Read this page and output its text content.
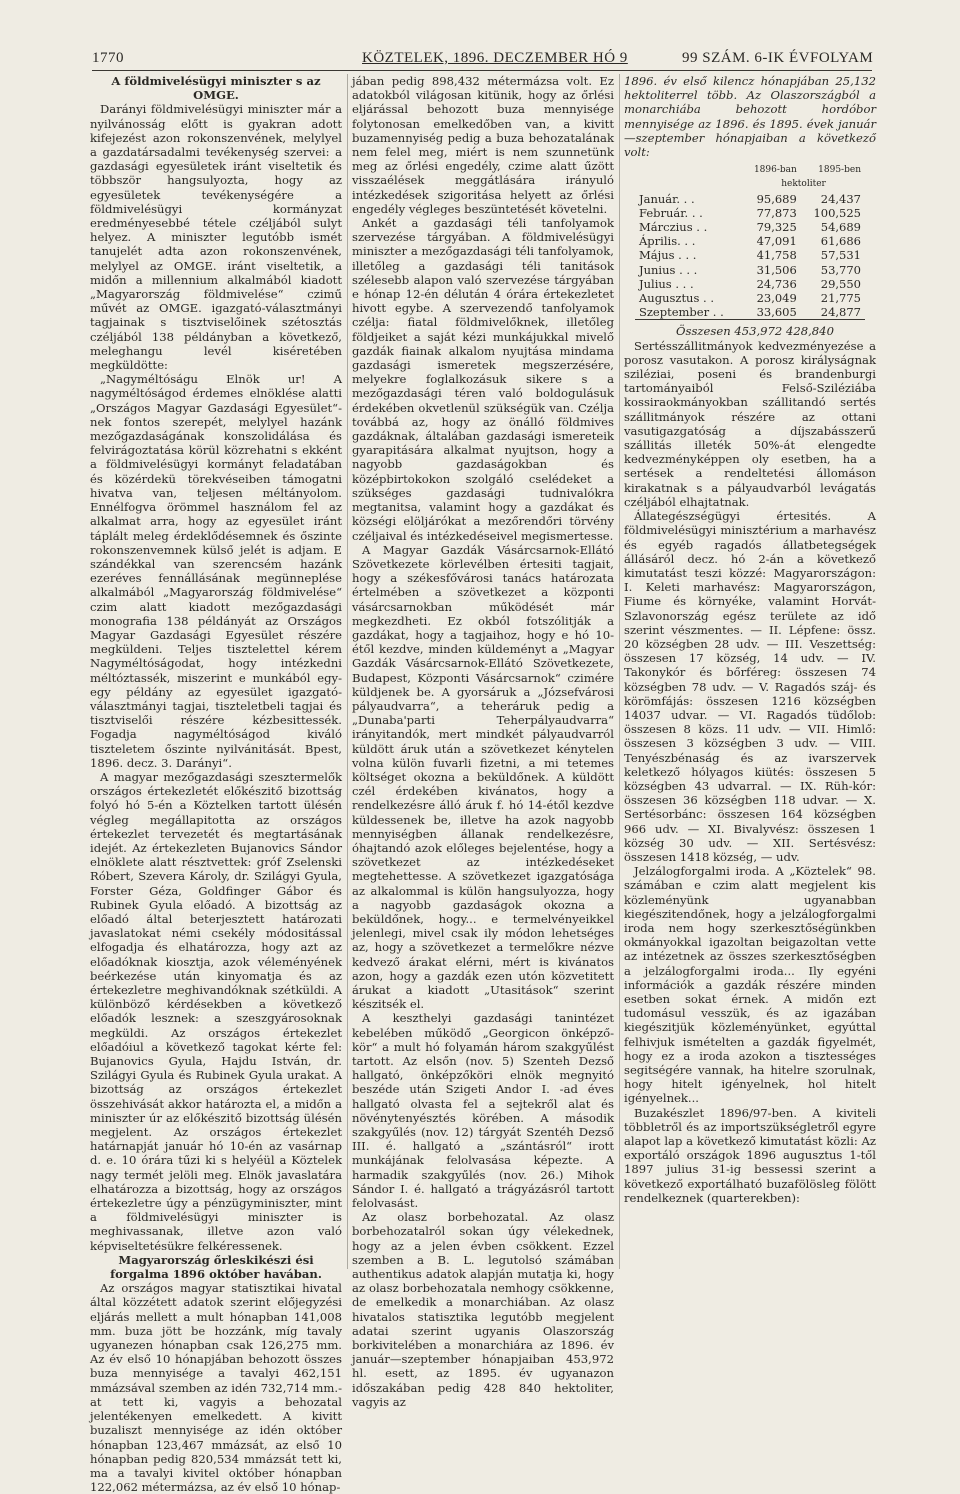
1770	KÖZTELEK, 1896. DECZEMBER HÓ 9	99 SZÁM. 6-IK ÉVFOLYAM

A földmivelésügyi miniszter s az OMGE.

Darányi földmivelésügyi miniszter már a nyilvánosság előtt is gyakran adott kifejezést azon rokonszenvének, melylyel a gazdatársadalmi tevékenység szervei: a gazdasági egyesületek iránt viseltetik és többször hangsulyozta, hogy az egyesületek tevékenységére a földmivelésügyi kormányzat eredményesebbé tétele czéljából sulyt helyez. A miniszter legutóbb ismét tanujelét adta azon rokonszenvének, melylyel az OMGE. iránt viseltetik, a midőn a millennium alkalmából kiadott „Magyarország földmivelése“ czimű művét az OMGE. igazgató-választmányi tagjainak s tisztviselőinek szétosztás czéljából 138 példányban a következő, meleghangu levél kiséretében megküldötte:

„Nagyméltóságu Elnök ur! A nagyméltóságod érdemes elnöklése alatti „Országos Magyar Gazdasági Egyesület“-nek fontos szerepét, melylyel hazánk mezőgazdaságának konszolidálása és felvirágoztatása körül közrehatni s ekként a földmivelésügyi kormányt feladatában és közérdekü törekvéseiben támogatni hivatva van, teljesen méltányolom. Ennélfogva örömmel használom fel az alkalmat arra, hogy az egyesület iránt táplált meleg érdeklődésemnek és őszinte rokonszenvemnek külső jelét is adjam. E szándékkal van szerencsém hazánk ezeréves fennállásának megünneplése alkalmából „Magyarország földmivelése“ czim alatt kiadott mezőgazdasági monografia 138 példányát az Országos Magyar Gazdasági Egyesület részére megküldeni. Teljes tisztelettel kérem Nagyméltóságodat, hogy intézkedni méltóztassék, miszerint e munkából egy-egy példány az egyesület igazgató-választmányi tagjai, tiszteletbeli tagjai és tisztviselői részére kézbesittessék. Fogadja nagyméltóságod kiváló tiszteletem őszinte nyilvánitását. Bpest, 1896. decz. 3. Darányi“.

A magyar mezőgazdasági szesztermelők országos értekezletét előkészitő bizottság folyó hó 5-én a Köztelken tartott ülésén végleg megállapitotta az országos értekezlet tervezetét és megtartásának idejét. Az értekezleten Bujanovics Sándor elnöklete alatt résztvettek: gróf Zselenski Róbert, Szevera Károly, dr. Szilágyi Gyula, Forster Géza, Goldfinger Gábor és Rubinek Gyula előadó. A bizottság az előadó által beterjesztett határozati javaslatokat némi csekély módositással elfogadja és elhatározza, hogy azt az előadóknak kiosztja, azok véleményének beérkezése után kinyomatja és az értekezletre meghivandóknak szétküldi. A különböző kérdésekben a következő előadók lesznek: a szeszgyárosoknak megküldi. Az országos értekezlet előadóiul a következő tagokat kérte fel: Bujanovics Gyula, Hajdu István, dr. Szilágyi Gyula és Rubinek Gyula urakat. A bizottság az országos értekezlet összehivását akkor határozta el, a midőn a miniszter úr az előkészitő bizottság ülésén megjelent. Az országos értekezlet határnapját január hó 10-én az vasárnap d. e. 10 órára tűzi ki s helyéül a Köztelek nagy termét jelöli meg. Elnök javaslatára elhatározza a bizottság, hogy az országos értekezletre úgy a pénzügyminiszter, mint a földmivelésügyi miniszter is meghivassanak, illetve azon való képviseltetésükre felkéressenek.

Magyarország őrleskikészi ési forgalma 1896 október havában.

Az országos magyar statisztikai hivatal által közzétett adatok szerint előjegyzési eljárás mellett a mult hónapban 141,008 mm. buza jött be hozzánk, míg tavaly ugyanezen hónapban csak 126,275 mm. Az év első 10 hónapjában behozott összes buza mennyisége a tavalyi 462,151 mmázsával szemben az idén 732,714 mm.-at tett ki, vagyis a behozatal jelentékenyen emelkedett. A kivitt buzaliszt mennyisége az idén október hónapban 123,467 mmázsát, az első 10 hónapban pedig 820,534 mmázsát tett ki, ma a tavalyi kivitel október hónapban 122,062 métermázsa, az év első 10 hónap-

jában pedig 898,432 métermázsa volt. Ez adatokból világosan kitünik, hogy az őrlési eljárással behozott buza mennyisége folytonosan emelkedőben van, a kivitt buzamennyiség pedig a buza behozatalának nem felel meg, miért is nem szunnetünk meg az őrlési engedély, czime alatt űzött visszaélések meggátlására irányuló intézkedések szigoritása helyett az őrlési engedély végleges beszüntetését követelni.

Ankét a gazdasági téli tanfolyamok szervezése tárgyában. A földmivelésügyi miniszter a mezőgazdasági téli tanfolyamok, illetőleg a gazdasági téli tanitások szélesebb alapon való szervezése tárgyában e hónap 12-én délután 4 órára értekezletet hivott egybe. A szervezendő tanfolyamok czélja: fiatal földmivelőknek, illetőleg földjeiket a saját kézi munkájukkal mivelő gazdák fiainak alkalom nyujtása mindama gazdasági ismeretek megszerzésére, melyekre foglalkozásuk sikere s a mezőgazdasági téren való boldogulásuk érdekében okvetlenül szükségük van. Czélja továbbá az, hogy az önálló földmives gazdáknak, általában gazdasági ismereteik gyarapitására alkalmat nyujtson, hogy a nagyobb gazdaságokban és középbirtokokon szolgáló cselédeket a szükséges gazdasági tudnivalókra megtanitsa, valamint hogy a gazdákat és községi elöljárókat a mezőrendőri törvény czéljaival és intézkedéseivel megismertesse.

A Magyar Gazdák Vásárcsarnok-Ellátó Szövetkezete körlevélben értesiti tagjait, hogy a székesfővárosi tanács határozata értelmében a szövetkezet a központi vásárcsarnokban működését már megkezdheti. Ez okból fotszólitják a gazdákat, hogy a tagjaihoz, hogy e hó 10-étől kezdve, minden küldeményt a „Magyar Gazdák Vásárcsarnok-Ellátó Szövetkezete, Budapest, Központi Vásárcsarnok“ czimére küldjenek be. A gyorsáruk a „Józsefvárosi pályaudvarra“, a teheráruk pedig a „Dunaba'parti Teherpályaudvarra“ irányitandók, mert mindkét pályaudvarról küldött áruk után a szövetkezet kénytelen volna külön fuvarli fizetni, a mi tetemes költséget okozna a beküldőnek. A küldött czél érdekében kivánatos, hogy a rendelkezésre álló áruk f. hó 14-étől kezdve küldessenek be, illetve ha azok nagyobb mennyiségben állanak rendelkezésre, óhajtandó azok előleges bejelentése, hogy a szövetkezet az intézkedéseket megtehettesse. A szövetkezet igazgatósága az alkalommal is külön hangsulyozza, hogy a nagyobb gazdaságok okozna a beküldőnek, hogy... e termelvényeikkel jelenlegi, mivel csak ily módon lehetséges az, hogy a szövetkezet a termelőkre nézve kedvező árakat elérni, mért is kivánatos azon, hogy a gazdák ezen utón közvetitett árukat a kiadott „Utasitások“ szerint készitsék el.

A keszthelyi gazdasági tanintézet kebelében működő „Georgicon önképző-kör“ a mult hó folyamán három szakgyűlést tartott. Az elsőn (nov. 5) Szenteh Dezső hallgató, önképzőköri elnök megnyitó beszéde után Szigeti Andor I. -ad éves hallgató olvasta fel a sejtekről alat és növénytenyésztés körében. A második szakgyűlés (nov. 12) tárgyát Szentéh Dezső III. é. hallgató a „szántásról“ irott munkájának felolvasása képezte. A harmadik szakgyűlés (nov. 26.) Mihok Sándor I. é. hallgató a trágyázásról tartott felolvasást.

Az olasz borbehozatal. Az olasz borbehozatalról sokan úgy vélekednek, hogy az a jelen évben csökkent. Ezzel szemben a B. L. legutolsó számában authentikus adatok alapján mutatja ki, hogy az olasz borbehozatala nemhogy csökkenne, de emelkedik a monarchiában. Az olasz hivatalos statisztika legutóbb megjelent adatai szerint ugyanis Olaszország borkivitelében a monarchiára az 1896. év január—szeptember hónapjaiban 453,972 hl. esett, az 1895. év ugyanazon időszakában pedig 428 840 hektoliter, vagyis az

1896. év első kilencz hónapjában 25,132 hektoliterrel több. Az Olaszországból a monarchiába behozott hordóbor mennyisége az 1896. és 1895. évek január—szeptember hónapjaiban a következő volt:

	1896-ban	1895-ben
	hektoliter	
Január. . .	95,689	24,437
Február. . .	77,873	100,525
Márczius . .	79,325	54,689
Április. . .	47,091	61,686
Május . . .	41,758	57,531
Junius . . .	31,506	53,770
Julius . . .	24,736	29,550
Augusztus . .	23,049	21,775
Szeptember . .	33,605	24,877

Összesen 453,972 428,840

Sertésszállitmányok kedvezményezése a porosz vasutakon. A porosz királyságnak sziléziai, poseni és brandenburgi tartományaiból Felső-Sziléziába kossiraokmányokban szállitandó sertés szállitmányok részére az ottani vasutigazgatóság a díjszabásszerű szállitás illeték 50%-át elengedte kedvezményképpen oly esetben, ha a sertések a rendeltetési állomáson kirakatnak s a pályaudvarból levágatás czéljából elhajtatnak.

Állategészségügyi értesités. A földmivelésügyi minisztérium a marhavész és egyéb ragadós állatbetegségek állásáról decz. hó 2-án a következő kimutatást teszi közzé: Magyarországon: I. Keleti marhavész: Magyarországon, Fiume és környéke, valamint Horvát-Szlavonország egész területe az idő szerint vészmentes. — II. Lépfene: össz. 20 községben 28 udv. — III. Veszettség: összesen 17 község, 14 udv. — IV. Takonykór és bőrféreg: összesen 74 községben 78 udv. — V. Ragadós száj- és körömfájás: összesen 1216 községben 14037 udvar. — VI. Ragadós tüdőlob: összesen 8 közs. 11 udv. — VII. Himlő: összesen 3 községben 3 udv. — VIII. Tenyészbénaság és az ivarszervek keletkező hólyagos kiütés: összesen 5 községben 43 udvarral. — IX. Rüh-kór: összesen 36 községben 118 udvar. — X. Sertésorbánc: összesen 164 községben 966 udv. — XI. Bivalyvész: összesen 1 község 30 udv. — XII. Sertésvész: összesen 1418 község, — udv.

Jelzálogforgalmi iroda. A „Köztelek“ 98. számában e czim alatt megjelent kis közleményünk ugyanabban kiegészitendőnek, hogy a jelzálogforgalmi iroda nem hogy szerkesztőségünkben okmányokkal igazoltan beigazoltan vette az intézetnek az összes szerkesztőségben a jelzálogforgalmi iroda... Ily egyéni információk a gazdák részére minden esetben sokat érnek. A midőn ezt tudomásul vesszük, és az igazában kiegészitjük közleményünket, egyúttal felhivjuk ismételten a gazdák figyelmét, hogy ez a iroda azokon a tisztességes segitségére vannak, ha hitelre szorulnak, hogy hitelt igényelnek, hol hitelt igényelnek...

Buzakészlet 1896/97-ben. A kiviteli többletről és az importszükségletről egyre alapot lap a következő kimutatást közli: Az exportáló országok 1896 augusztus 1-től 1897 julius 31-ig bessessi szerint a következő exportálható buzafölösleg fölött rendelkeznek (quarterekben):
